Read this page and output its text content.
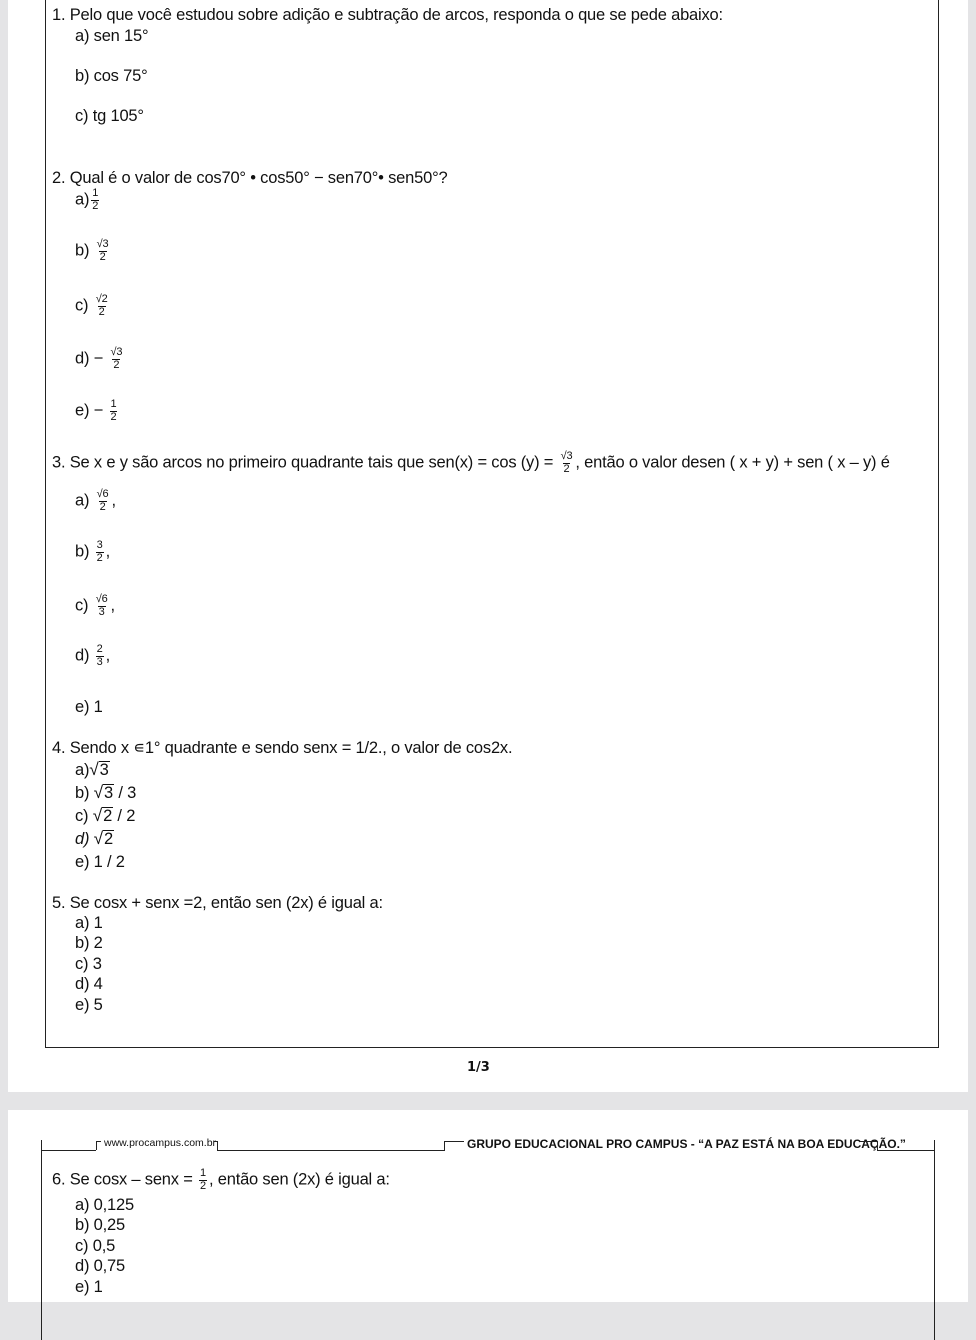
1. Pelo que você estudou sobre adição e subtração de arcos, responda o que se pede abaixo:
a) sen 15°
b) cos 75°
c) tg 105°
2. Qual é o valor de cos70° • cos50° − sen70°• sen50°?
$a) \frac{1}{2}$
$b) \frac{√3}{2}$
$c) \frac{√2}{2}$
$d) - \frac{√3}{2}$
$e) - \frac{1}{2}$
3. Se x e y são arcos no primeiro quadrante tais que $sen(x) = \cos (y) = \frac{√3}{2}$ , então o valor desen ( x + y) + sen ( x – y) é
$a) \frac{√6}{2}$ ,
$b) \frac{3}{2}$ ,
$c) \frac{√6}{3}$ ,
$d) \frac{2}{3}$ ,
e) 1
4. Sendo x ∊1° quadrante e sendo senx = 1/2., o valor de cos2x.
a) √ 3
b) √ 3 / 3
c) √ 2 / 2
d) √ 2
e) 1 / 2
5. Se cosx + senx =2, então sen (2x) é igual a:
a) 1
b) 2
c) 3
d) 4
e) 5
1/3
www.procampus.com.br	GRUPO EDUCACIONAL PRO CAMPUS - “A PAZ ESTÁ NA BOA EDUCAÇÃO.”
6. Se cosx – senx = $\frac{1}{2}$ , então sen (2x) é igual a:
a) 0,125
b) 0,25
c) 0,5
d) 0,75
e) 1
